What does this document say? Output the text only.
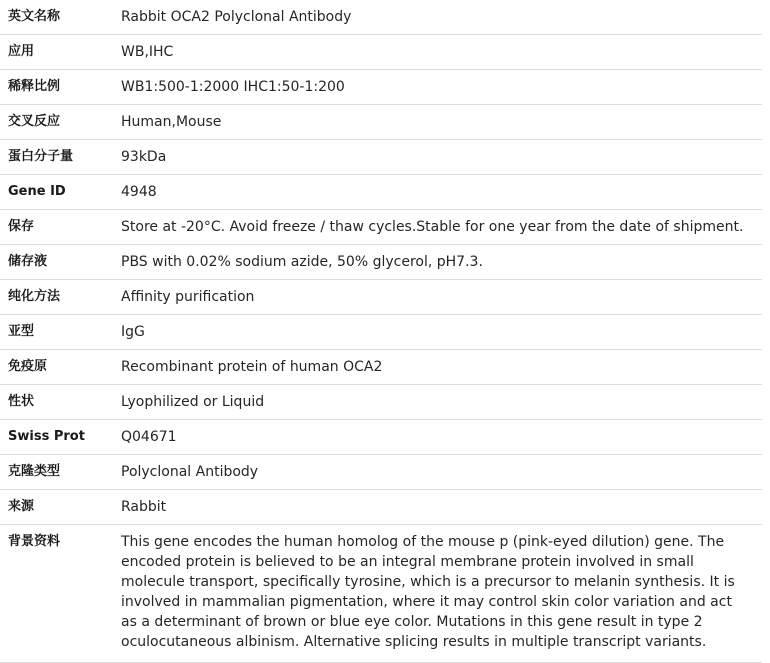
英文名称	Rabbit OCA2 Polyclonal Antibody
应用	WB,IHC
稀释比例	WB1:500-1:2000 IHC1:50-1:200
交叉反应	Human,Mouse
蛋白分子量	93kDa
Gene ID	4948
保存	Store at -20°C. Avoid freeze / thaw cycles.Stable for one year from the date of shipment.
储存液	PBS with 0.02% sodium azide, 50% glycerol, pH7.3.
纯化方法	Affinity purification
亚型	IgG
免疫原	Recombinant protein of human OCA2
性状	Lyophilized or Liquid
Swiss Prot	Q04671
克隆类型	Polyclonal Antibody
来源	Rabbit
背景资料	This gene encodes the human homolog of the mouse p (pink-eyed dilution) gene. The encoded protein is believed to be an integral membrane protein involved in small molecule transport, specifically tyrosine, which is a precursor to melanin synthesis. It is involved in mammalian pigmentation, where it may control skin color variation and act as a determinant of brown or blue eye color. Mutations in this gene result in type 2 oculocutaneous albinism. Alternative splicing results in multiple transcript variants.
